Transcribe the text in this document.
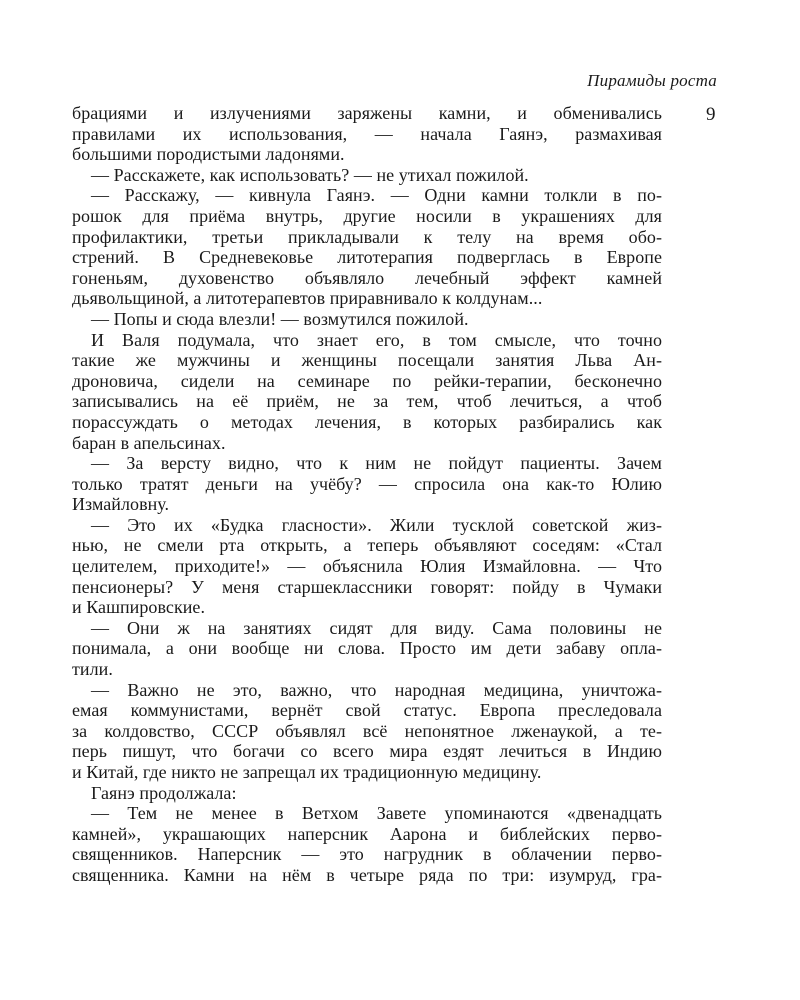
Пирамиды роста
9
брациями и излучениями заряжены камни, и обменивались
правилами их использования, — начала Гаянэ, размахивая
большими породистыми ладонями.
— Расскажете, как использовать? — не утихал пожилой.
— Расскажу, — кивнула Гаянэ. — Одни камни толкли в по-
рошок для приёма внутрь, другие носили в украшениях для
профилактики, третьи прикладывали к телу на время обо-
стрений. В Средневековье литотерапия подверглась в Европе
гоненьям, духовенство объявляло лечебный эффект камней
дьявольщиной, а литотерапевтов приравнивало к колдунам...
— Попы и сюда влезли! — возмутился пожилой.
И Валя подумала, что знает его, в том смысле, что точно
такие же мужчины и женщины посещали занятия Льва Ан-
дроновича, сидели на семинаре по рейки-терапии, бесконечно
записывались на её приём, не за тем, чтоб лечиться, а чтоб
порассуждать о методах лечения, в которых разбирались как
баран в апельсинах.
— За версту видно, что к ним не пойдут пациенты. Зачем
только тратят деньги на учёбу? — спросила она как-то Юлию
Измайловну.
— Это их «Будка гласности». Жили тусклой советской жиз-
нью, не смели рта открыть, а теперь объявляют соседям: «Стал
целителем, приходите!» — объяснила Юлия Измайловна. — Что
пенсионеры? У меня старшеклассники говорят: пойду в Чумаки
и Кашпировские.
— Они ж на занятиях сидят для виду. Сама половины не
понимала, а они вообще ни слова. Просто им дети забаву опла-
тили.
— Важно не это, важно, что народная медицина, уничтожа-
емая коммунистами, вернёт свой статус. Европа преследовала
за колдовство, СССР объявлял всё непонятное лженаукой, а те-
перь пишут, что богачи со всего мира ездят лечиться в Индию
и Китай, где никто не запрещал их традиционную медицину.
Гаянэ продолжала:
— Тем не менее в Ветхом Завете упоминаются «двенадцать
камней», украшающих наперсник Аарона и библейских перво-
священников. Наперсник — это нагрудник в облачении перво-
священника. Камни на нём в четыре ряда по три: изумруд, гра-
